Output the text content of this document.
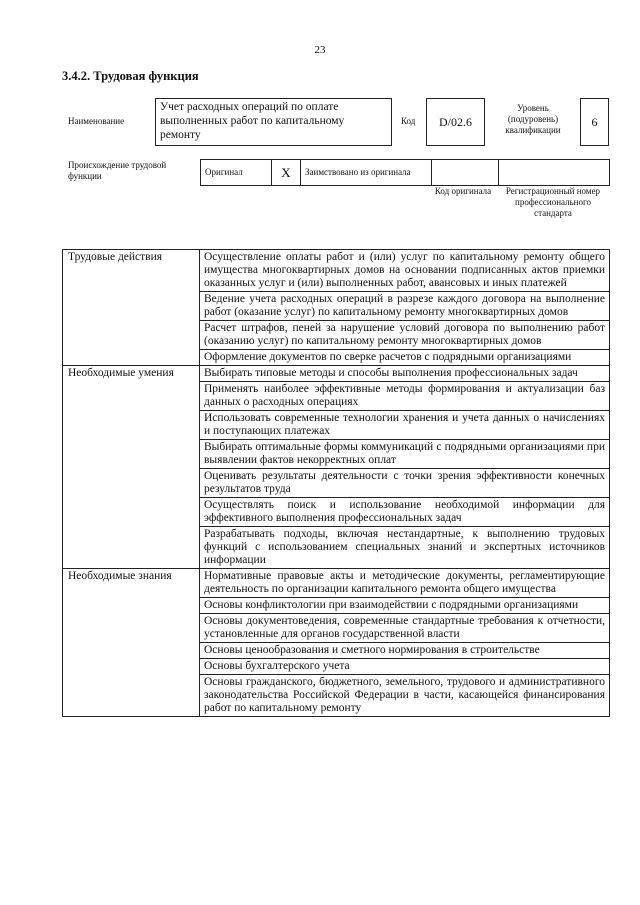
23
3.4.2. Трудовая функция
Наименование
Учет расходных операций по оплате выполненных работ по капитальному ремонту
Код	D/02.6
Уровень (подуровень) квалификации
6
Происхождение трудовой функции	Оригинал	X	Заимствовано из оригинала		
Код оригинала	Регистрационный номер профессионального стандарта
Трудовые действия	Осуществление оплаты работ и (или) услуг по капитальному ремонту общего имущества многоквартирных домов на основании подписанных актов приемки оказанных услуг и (или) выполненных работ, авансовых и иных платежей
	Ведение учета расходных операций в разрезе каждого договора на выполнение работ (оказание услуг) по капитальному ремонту многоквартирных домов
	Расчет штрафов, пеней за нарушение условий договора по выполнению работ (оказанию услуг) по капитальному ремонту многоквартирных домов
	Оформление документов по сверке расчетов с подрядными организациями
Необходимые умения	Выбирать типовые методы и способы выполнения профессиональных задач
	Применять наиболее эффективные методы формирования и актуализации баз данных о расходных операциях
	Использовать современные технологии хранения и учета данных о начислениях и поступающих платежах
	Выбирать оптимальные формы коммуникаций с подрядными организациями при выявлении фактов некорректных оплат
	Оценивать результаты деятельности с точки зрения эффективности конечных результатов труда
	Осуществлять поиск и использование необходимой информации для эффективного выполнения профессиональных задач
	Разрабатывать подходы, включая нестандартные, к выполнению трудовых функций с использованием специальных знаний и экспертных источников информации
Необходимые знания	Нормативные правовые акты и методические документы, регламентирующие деятельность по организации капитального ремонта общего имущества
	Основы конфликтологии при взаимодействии с подрядными организациями
	Основы документоведения, современные стандартные требования к отчетности, установленные для органов государственной власти
	Основы ценообразования и сметного нормирования в строительстве
	Основы бухгалтерского учета
	Основы гражданского, бюджетного, земельного, трудового и административного законодательства Российской Федерации в части, касающейся финансирования работ по капитальному ремонту
